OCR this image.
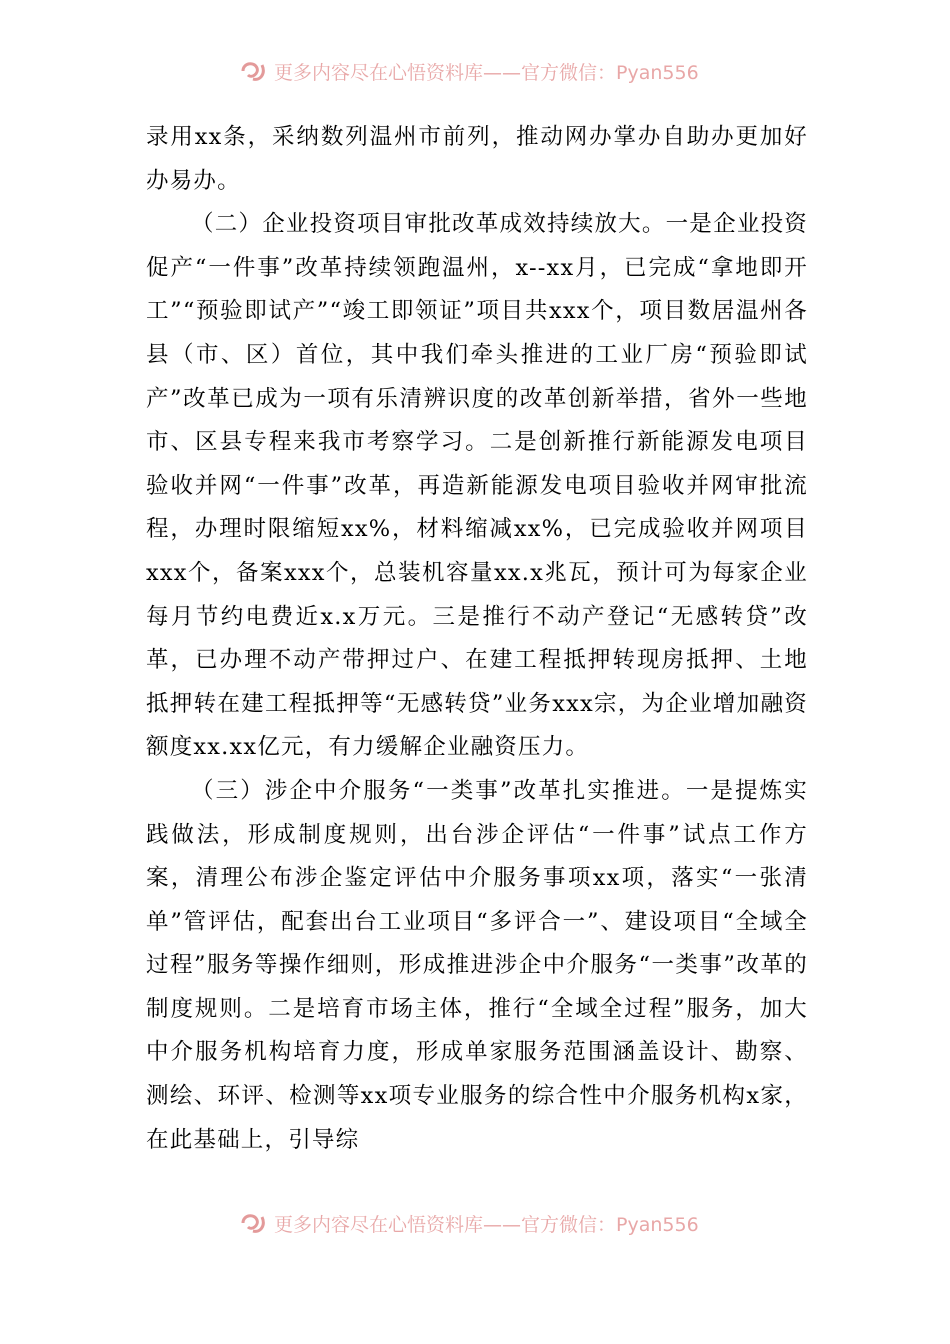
更多内容尽在心悟资料库——官方微信：Pyan556

录用xx条，采纳数列温州市前列，推动网办掌办自助办更加好办易办。

（二）企业投资项目审批改革成效持续放大。一是企业投资促产“一件事”改革持续领跑温州，x--xx月，已完成“拿地即开工”“预验即试产”“竣工即领证”项目共xxx个，项目数居温州各县（市、区）首位，其中我们牵头推进的工业厂房“预验即试产”改革已成为一项有乐清辨识度的改革创新举措，省外一些地市、区县专程来我市考察学习。二是创新推行新能源发电项目验收并网“一件事”改革，再造新能源发电项目验收并网审批流程，办理时限缩短xx%，材料缩减xx%，已完成验收并网项目xxx个，备案xxx个，总装机容量xx.x兆瓦，预计可为每家企业每月节约电费近x.x万元。三是推行不动产登记“无感转贷”改革，已办理不动产带押过户、在建工程抵押转现房抵押、土地抵押转在建工程抵押等“无感转贷”业务xxx宗，为企业增加融资额度xx.xx亿元，有力缓解企业融资压力。

（三）涉企中介服务“一类事”改革扎实推进。一是提炼实践做法，形成制度规则，出台涉企评估“一件事”试点工作方案，清理公布涉企鉴定评估中介服务事项xx项，落实“一张清单”管评估，配套出台工业项目“多评合一”、建设项目“全域全过程”服务等操作细则，形成推进涉企中介服务“一类事”改革的制度规则。二是培育市场主体，推行“全域全过程”服务，加大中介服务机构培育力度，形成单家服务范围涵盖设计、勘察、测绘、环评、检测等xx项专业服务的综合性中介服务机构x家，在此基础上，引导综

更多内容尽在心悟资料库——官方微信：Pyan556
